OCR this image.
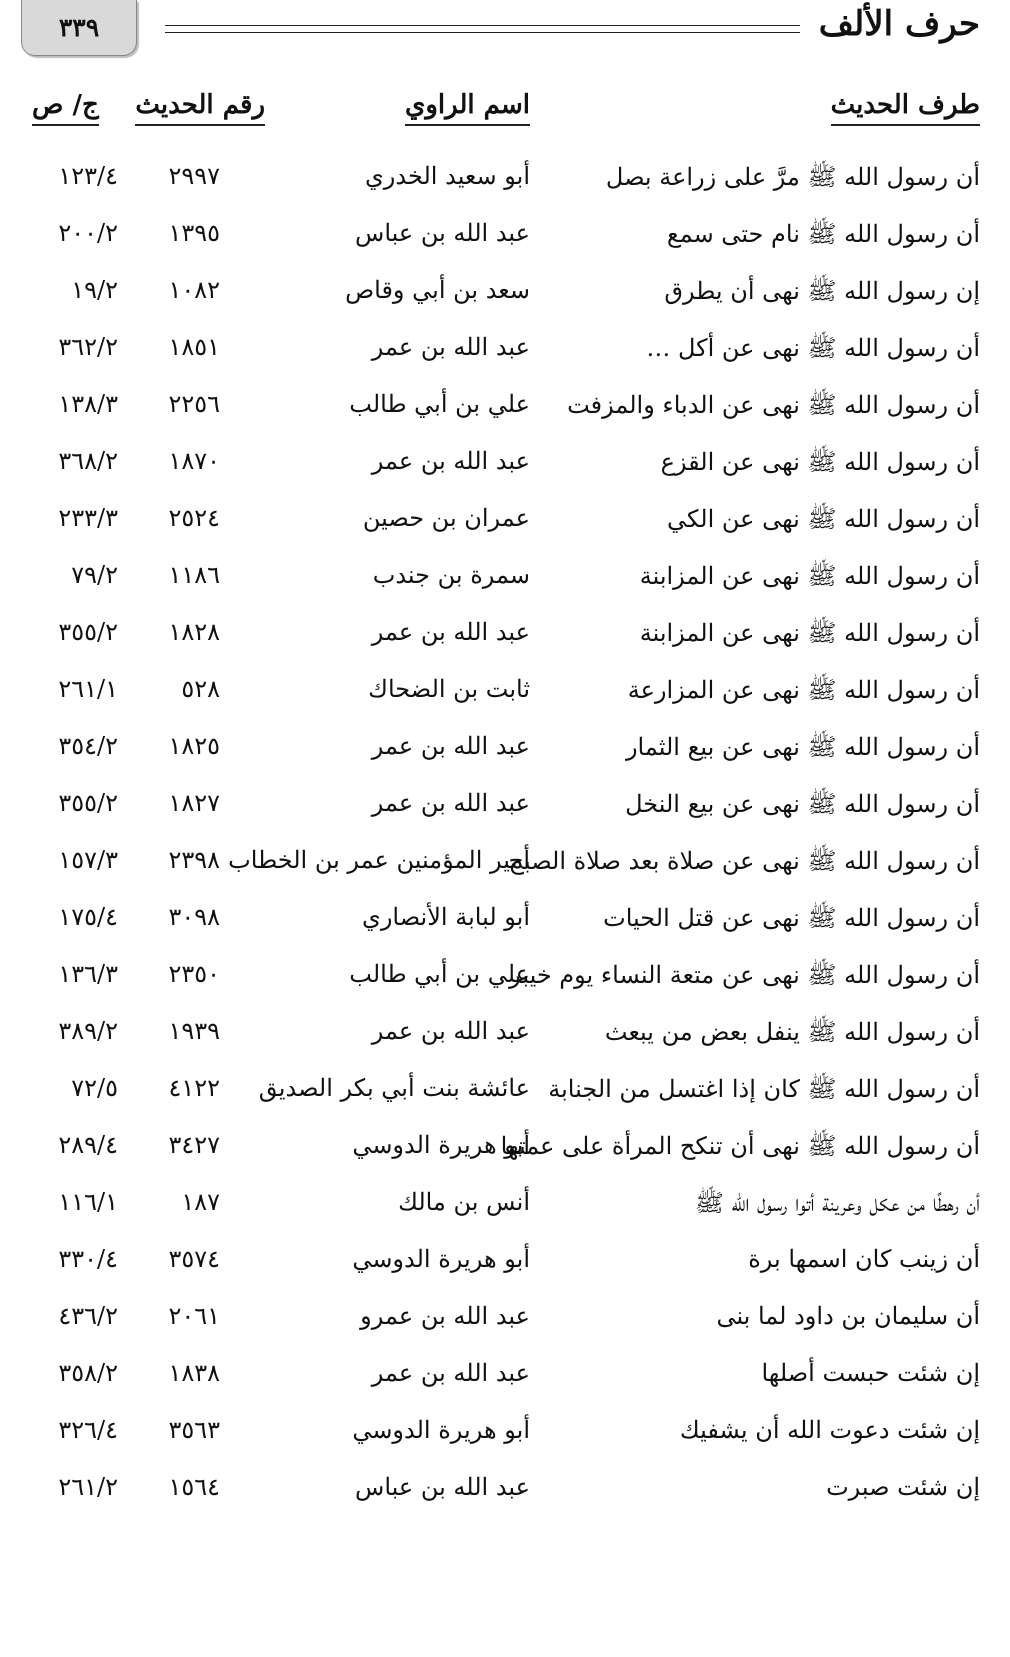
٣٣٩	حرف الألف
طرف الحديث
اسم الراوي
رقم الحديث
ج/ ص
أن رسول الله ﷺ مرَّ على زراعة بصل
أبو سعيد الخدري
٢٩٩٧
١٢٣/٤
أن رسول الله ﷺ نام حتى سمع
عبد الله بن عباس
١٣٩٥
٢٠٠/٢
إن رسول الله ﷺ نهى أن يطرق
سعد بن أبي وقاص
١٠٨٢
١٩/٢
أن رسول الله ﷺ نهى عن أكل …
عبد الله بن عمر
١٨٥١
٣٦٢/٢
أن رسول الله ﷺ نهى عن الدباء والمزفت
علي بن أبي طالب
٢٢٥٦
١٣٨/٣
أن رسول الله ﷺ نهى عن القزع
عبد الله بن عمر
١٨٧٠
٣٦٨/٢
أن رسول الله ﷺ نهى عن الكي
عمران بن حصين
٢٥٢٤
٢٣٣/٣
أن رسول الله ﷺ نهى عن المزابنة
سمرة بن جندب
١١٨٦
٧٩/٢
أن رسول الله ﷺ نهى عن المزابنة
عبد الله بن عمر
١٨٢٨
٣٥٥/٢
أن رسول الله ﷺ نهى عن المزارعة
ثابت بن الضحاك
٥٢٨
٢٦١/١
أن رسول الله ﷺ نهى عن بيع الثمار
عبد الله بن عمر
١٨٢٥
٣٥٤/٢
أن رسول الله ﷺ نهى عن بيع النخل
عبد الله بن عمر
١٨٢٧
٣٥٥/٢
أن رسول الله ﷺ نهى عن صلاة بعد صلاة الصبح
أمير المؤمنين عمر بن الخطاب
٢٣٩٨
١٥٧/٣
أن رسول الله ﷺ نهى عن قتل الحيات
أبو لبابة الأنصاري
٣٠٩٨
١٧٥/٤
أن رسول الله ﷺ نهى عن متعة النساء يوم خيبر
علي بن أبي طالب
٢٣٥٠
١٣٦/٣
أن رسول الله ﷺ ينفل بعض من يبعث
عبد الله بن عمر
١٩٣٩
٣٨٩/٢
أن رسول الله ﷺ كان إذا اغتسل من الجنابة
عائشة بنت أبي بكر الصديق
٤١٢٢
٧٢/٥
أن رسول الله ﷺ نهى أن تنكح المرأة على عمتها
أبو هريرة الدوسي
٣٤٢٧
٢٨٩/٤
أن رهطًا من عكل وعرينة أتوا رسول الله ﷺ
أنس بن مالك
١٨٧
١١٦/١
أن زينب كان اسمها برة
أبو هريرة الدوسي
٣٥٧٤
٣٣٠/٤
أن سليمان بن داود لما بنى
عبد الله بن عمرو
٢٠٦١
٤٣٦/٢
إن شئت حبست أصلها
عبد الله بن عمر
١٨٣٨
٣٥٨/٢
إن شئت دعوت الله أن يشفيك
أبو هريرة الدوسي
٣٥٦٣
٣٢٦/٤
إن شئت صبرت
عبد الله بن عباس
١٥٦٤
٢٦١/٢
